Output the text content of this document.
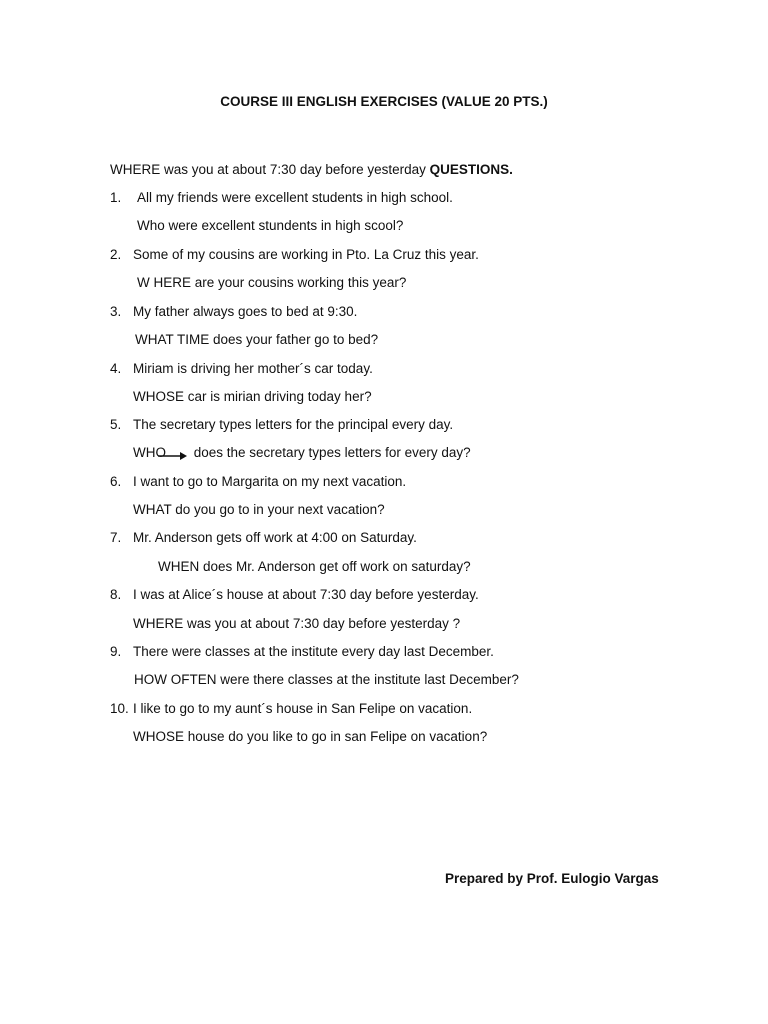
COURSE III ENGLISH EXERCISES (VALUE 20 PTS.)
WHERE was you at about 7:30 day before yesterday QUESTIONS.
1. All my friends were excellent students in high school.
Who were excellent stundents in high scool?
2. Some of my cousins are working in Pto. La Cruz this year.
W HERE are your cousins working this year?
3. My father always goes to bed at 9:30.
WHAT TIME does your father go to bed?
4. Miriam is driving her mother´s car today.
WHOSE car is mirian driving today her?
5. The secretary types letters for the principal every day.
WHO
does the secretary types letters for every day?
6. I want to go to Margarita on my next vacation.
WHAT do you go to in your next vacation?
7. Mr. Anderson gets off work at 4:00 on Saturday.
WHEN does Mr. Anderson get off work on saturday?
8. I was at Alice´s house at about 7:30 day before yesterday.
WHERE was you at about 7:30 day before yesterday ?
9. There were classes at the institute every day last December.
HOW OFTEN were there classes at the institute last December?
10. I like to go to my aunt´s house in San Felipe on vacation.
WHOSE house do you like to go in san Felipe on vacation?
Prepared by Prof. Eulogio Vargas
